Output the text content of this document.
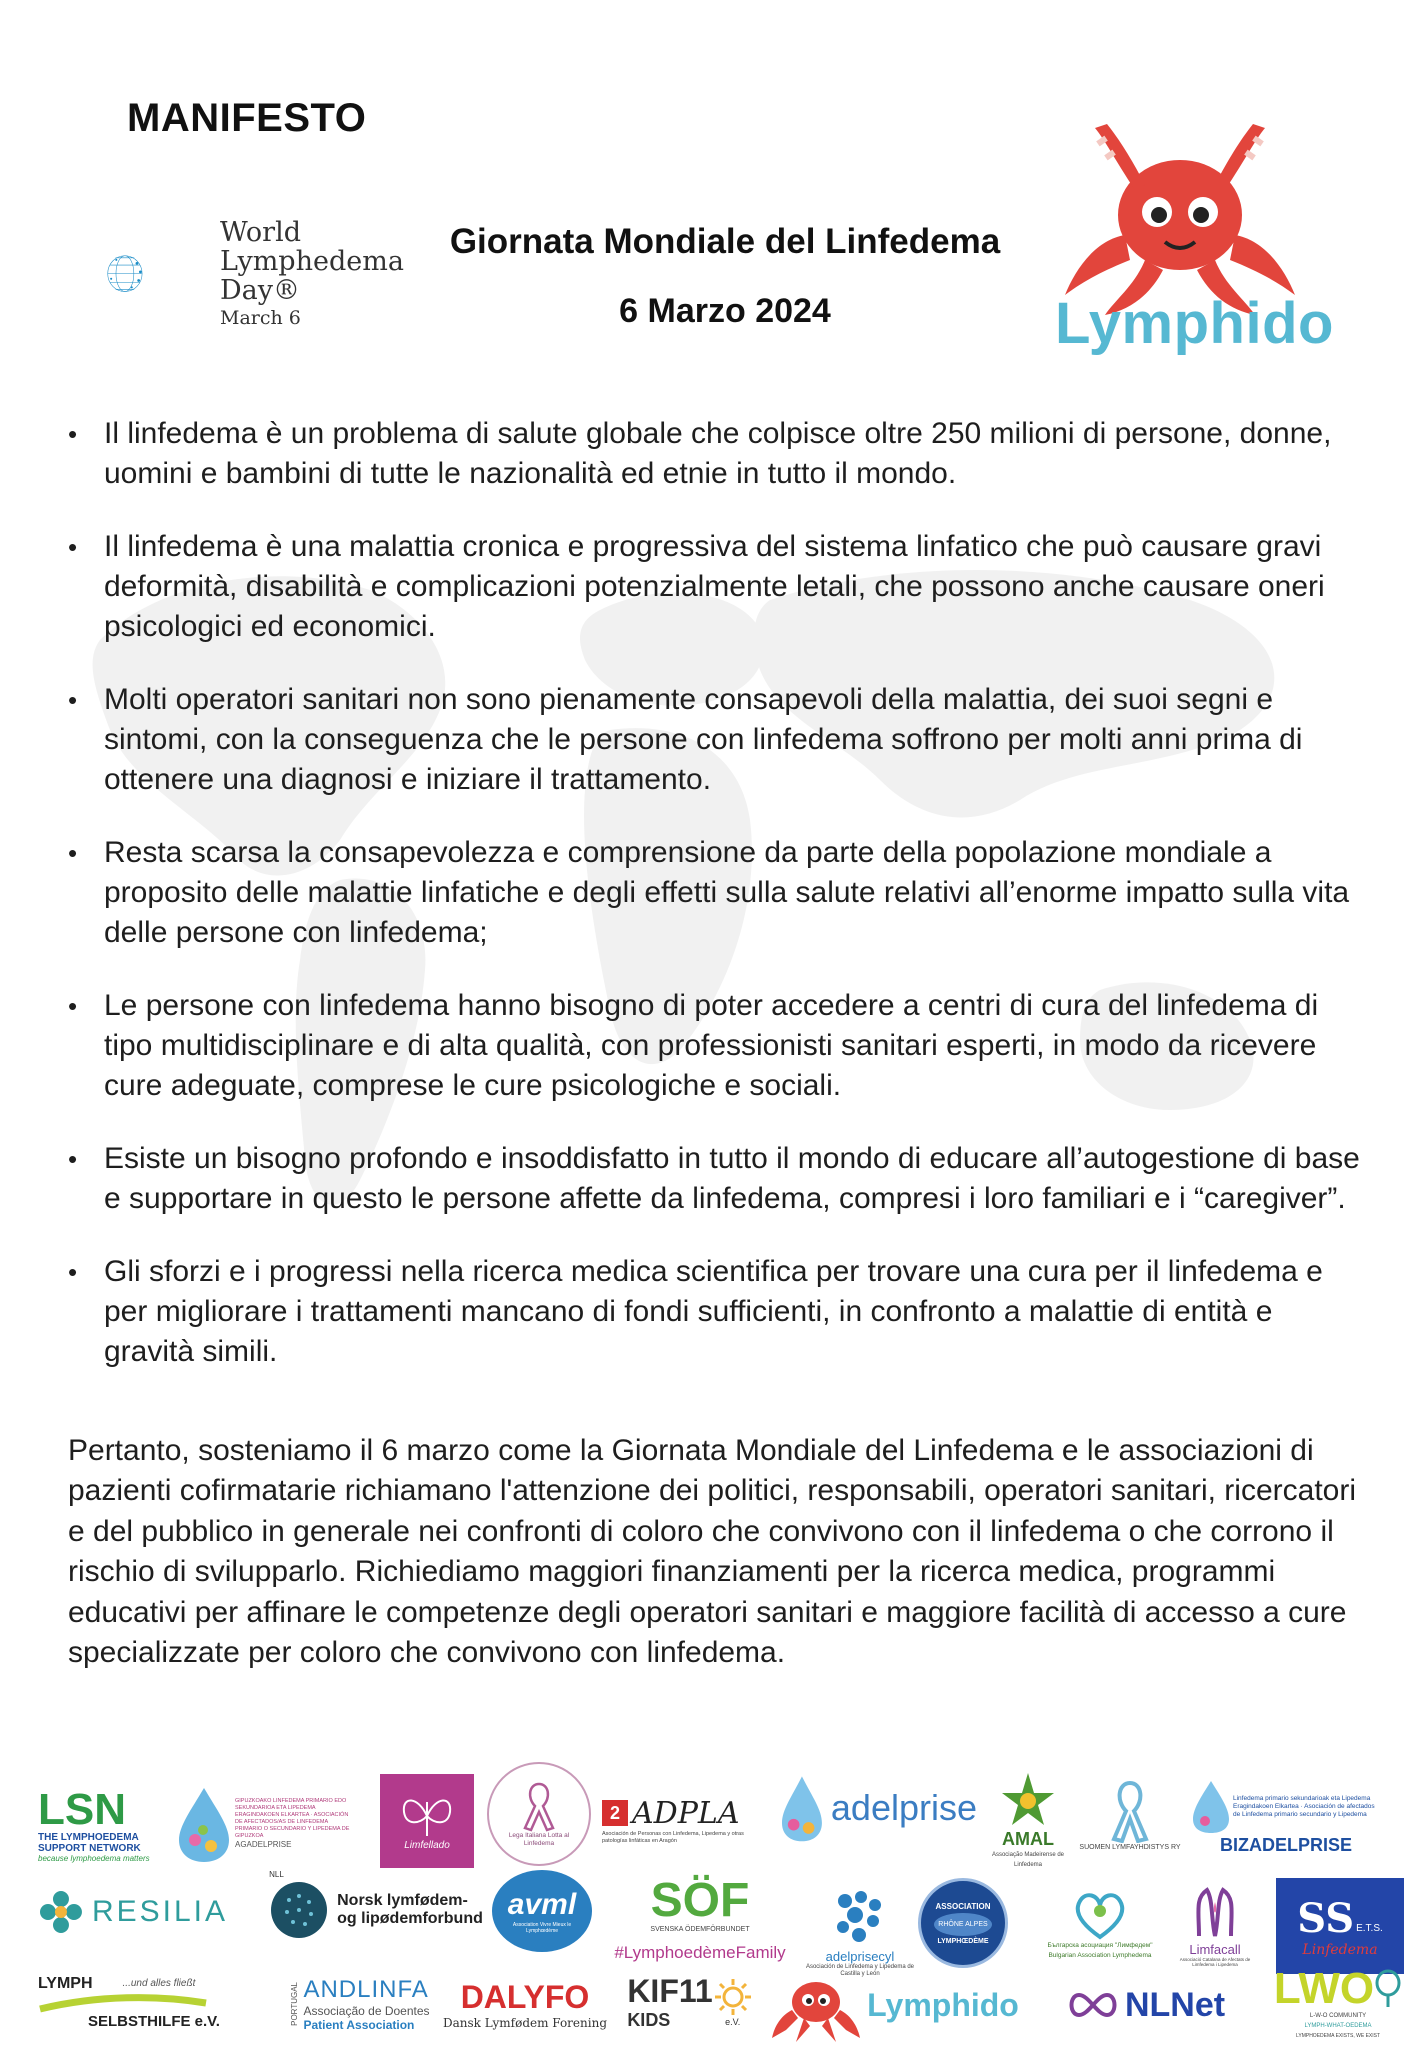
MANIFESTO
World
Lymphedema
Day®
March 6
Giornata Mondiale del Linfedema
6 Marzo 2024	Lymphido
• Il linfedema è un problema di salute globale che colpisce oltre 250 milioni di persone, donne, uomini e bambini di tutte le nazionalità ed etnie in tutto il mondo.
• Il linfedema è una malattia cronica e progressiva del sistema linfatico che può causare gravi deformità, disabilità e complicazioni potenzialmente letali, che possono anche causare oneri psicologici ed economici.
• Molti operatori sanitari non sono pienamente consapevoli della malattia, dei suoi segni e sintomi, con la conseguenza che le persone con linfedema soffrono per molti anni prima di ottenere una diagnosi e iniziare il trattamento.
• Resta scarsa la consapevolezza e comprensione da parte della popolazione mondiale a proposito delle malattie linfatiche e degli effetti sulla salute relativi all’enorme impatto sulla vita delle persone con linfedema;
• Le persone con linfedema hanno bisogno di poter accedere a centri di cura del linfedema di tipo multidisciplinare e di alta qualità, con professionisti sanitari esperti, in modo da ricevere cure adeguate, comprese le cure psicologiche e sociali.
• Esiste un bisogno profondo e insoddisfatto in tutto il mondo di educare all’autogestione di base e supportare in questo le persone affette da linfedema, compresi i loro familiari e i “caregiver”.
• Gli sforzi e i progressi nella ricerca medica scientifica per trovare una cura per il linfedema e per migliorare i trattamenti mancano di fondi sufficienti, in confronto a malattie di entità e gravità simili.
Pertanto, sosteniamo il 6 marzo come la Giornata Mondiale del Linfedema e le associazioni di pazienti cofirmatarie richiamano l'attenzione dei politici, responsabili, operatori sanitari, ricercatori e del pubblico in generale nei confronti di coloro che convivono con il linfedema o che corrono il rischio di svilupparlo. Richiediamo maggiori finanziamenti per la ricerca medica, programmi educativi per affinare le competenze degli operatori sanitari e maggiore facilità di accesso a cure specializzate per coloro che convivono con linfedema.
LSN
THE LYMPHOEDEMA
SUPPORT NETWORK
because lymphoedema matters
GIPUZKOAKO LINFEDEMA PRIMARIO EDO SEKUNDARIOA ETA LIPEDEMA ERAGINDAKOEN ELKARTEA · ASOCIACIÓN DE AFECTADOS/AS DE LINFEDEMA PRIMARIO O SECUNDARIO Y LIPEDEMA DE GIPUZKOA
AGADELPRISE	Limfellado
Lega Italiana Lotta al Linfedema
2 ADPLA
Asociación de Personas con Linfedema, Lipedema y otras patologías linfáticas en Aragón
adelprise
AMAL
Associação Madeirense de Linfedema
SUOMEN LYMFAYHDISTYS RY
Linfedema primario sekundarioak eta Lipedema Eragindakoen Elkartea · Asociación de afectados de Linfedema primario secundario y Lipedema
BIZADELPRISE
RESILIA
NLL
Norsk lymfødem-
og lipødemforbund avml
Association Vivre Mieux le Lymphœdème
SÖF
SVENSKA ÖDEMFÖRBUNDET
#LymphoedèmeFamily	adelprisecyl
Asociación de Linfedema y Lipedema de Castilla y León
ASSOCIATION
RHÔNE ALPES
LYMPHŒDÈME
Българска асоциация "Лимфедем"
Bulgarian Association Lymphedema	Limfacall
Associació Catalana de Afectats de Limfedema i Lipedema
SS E.T.S.
Linfedema
LYMPH	...und alles fließt
SELBSTHILFE e.V.	PORTUGAL ANDLINFA
Associação de Doentes
Patient Association
DALYFO
Dansk Lymfødem Forening
KIF11
KIDS	e.V.	Lymphido	NLNet LWO
L-W-O COMMUNITY
LYMPH-WHAT-OEDEMA
LYMPHOEDEMA EXISTS, WE EXIST
